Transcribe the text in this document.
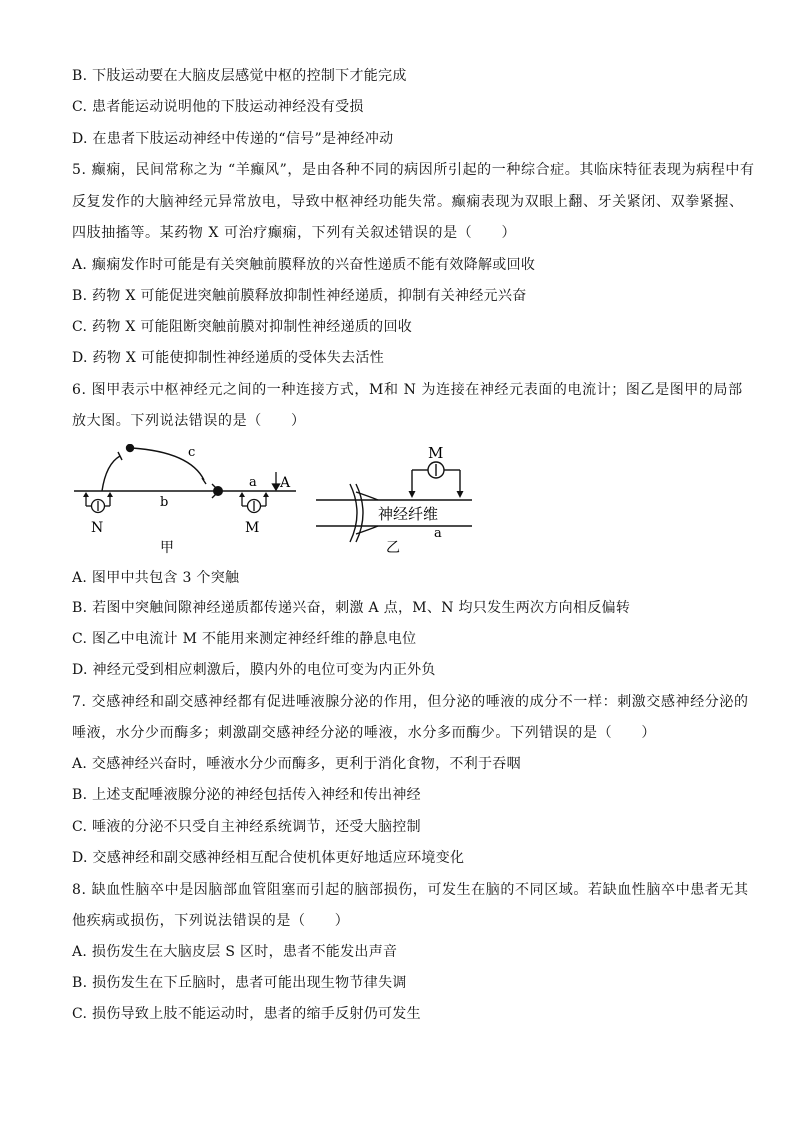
B. 下肢运动要在大脑皮层感觉中枢的控制下才能完成
C. 患者能运动说明他的下肢运动神经没有受损
D. 在患者下肢运动神经中传递的“信号”是神经冲动
5. 癫痫，民间常称之为 “羊癫风”，是由各种不同的病因所引起的一种综合症。其临床特征表现为病程中有
反复发作的大脑神经元异常放电，导致中枢神经功能失常。癫痫表现为双眼上翻、牙关紧闭、双拳紧握、
四肢抽搐等。某药物 X 可治疗癫痫，下列有关叙述错误的是（　　）
A. 癫痫发作时可能是有关突触前膜释放的兴奋性递质不能有效降解或回收
B. 药物 X 可能促进突触前膜释放抑制性神经递质，抑制有关神经元兴奋
C. 药物 X 可能阻断突触前膜对抑制性神经递质的回收
D. 药物 X 可能使抑制性神经递质的受体失去活性
6. 图甲表示中枢神经元之间的一种连接方式，M和 N 为连接在神经元表面的电流计；图乙是图甲的局部
放大图。下列说法错误的是（　　）
A. 图甲中共包含 3 个突触
B. 若图中突触间隙神经递质都传递兴奋，刺激 A 点，M、N 均只发生两次方向相反偏转
C. 图乙中电流计 M 不能用来测定神经纤维的静息电位
D. 神经元受到相应刺激后，膜内外的电位可变为内正外负
7. 交感神经和副交感神经都有促进唾液腺分泌的作用，但分泌的唾液的成分不一样：刺激交感神经分泌的
唾液，水分少而酶多；刺激副交感神经分泌的唾液，水分多而酶少。下列错误的是（　　）
A. 交感神经兴奋时，唾液水分少而酶多，更利于消化食物，不利于吞咽
B. 上述支配唾液腺分泌的神经包括传入神经和传出神经
C. 唾液的分泌不只受自主神经系统调节，还受大脑控制
D. 交感神经和副交感神经相互配合使机体更好地适应环境变化
8. 缺血性脑卒中是因脑部血管阻塞而引起的脑部损伤，可发生在脑的不同区域。若缺血性脑卒中患者无其
他疾病或损伤，下列说法错误的是（　　）
A. 损伤发生在大脑皮层 S 区时，患者不能发出声音
B. 损伤发生在下丘脑时，患者可能出现生物节律失调
C. 损伤导致上肢不能运动时，患者的缩手反射仍可发生
c
b
a A
N	M
甲
M
神经纤维
a
乙
